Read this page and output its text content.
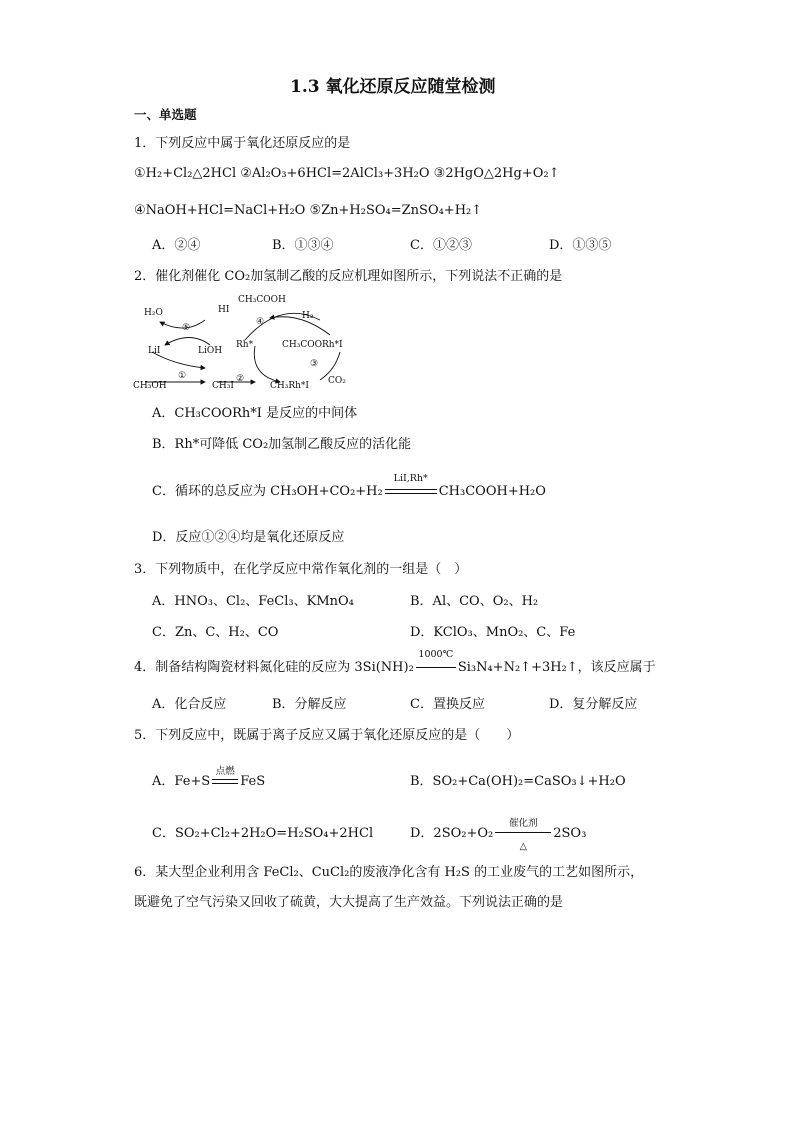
1.3 氧化还原反应随堂检测
一、单选题
1．下列反应中属于氧化还原反应的是
①H₂+Cl₂△2HCl ②Al₂O₃+6HCl=2AlCl₃+3H₂O ③2HgO△2Hg+O₂↑
④NaOH+HCl=NaCl+H₂O ⑤Zn+H₂SO₄=ZnSO₄+H₂↑
A．②④	B．①③④	C．①②③	D．①③⑤
2．催化剂催化 CO₂加氢制乙酸的反应机理如图所示，下列说法不正确的是
H₂O	HI
CH₃COOH
H₂
LiI	LiOH
Rh*	CH₃COORh*I
CH₃OH	CH₃I	CH₃Rh*I CO₂
⑤
④
①	②
③
A．CH₃COORh*I 是反应的中间体
B．Rh*可降低 CO₂加氢制乙酸反应的活化能
C．循环的总反应为 CH₃OH+CO₂+H₂
LiI,Rh*
CH₃COOH+H₂O
D．反应①②④均是氧化还原反应
3．下列物质中，在化学反应中常作氧化剂的一组是（　）
A．HNO₃、Cl₂、FeCl₃、KMnO₄	B．Al、CO、O₂、H₂
C．Zn、C、H₂、CO	D．KClO₃、MnO₂、C、Fe
4．制备结构陶瓷材料氮化硅的反应为 3Si(NH)₂
1000℃
Si₃N₄+N₂↑+3H₂↑，该反应属于
A．化合反应	B．分解反应	C．置换反应	D．复分解反应
5．下列反应中，既属于离子反应又属于氧化还原反应的是（　　）
A．Fe+S
点燃
FeS	B．SO₂+Ca(OH)₂=CaSO₃↓+H₂O
C．SO₂+Cl₂+2H₂O=H₂SO₄+2HCl	D．2SO₂+O₂
催化剂
△
2SO₃
6．某大型企业利用含 FeCl₂、CuCl₂的废液净化含有 H₂S 的工业废气的工艺如图所示，
既避免了空气污染又回收了硫黄，大大提高了生产效益。下列说法正确的是
